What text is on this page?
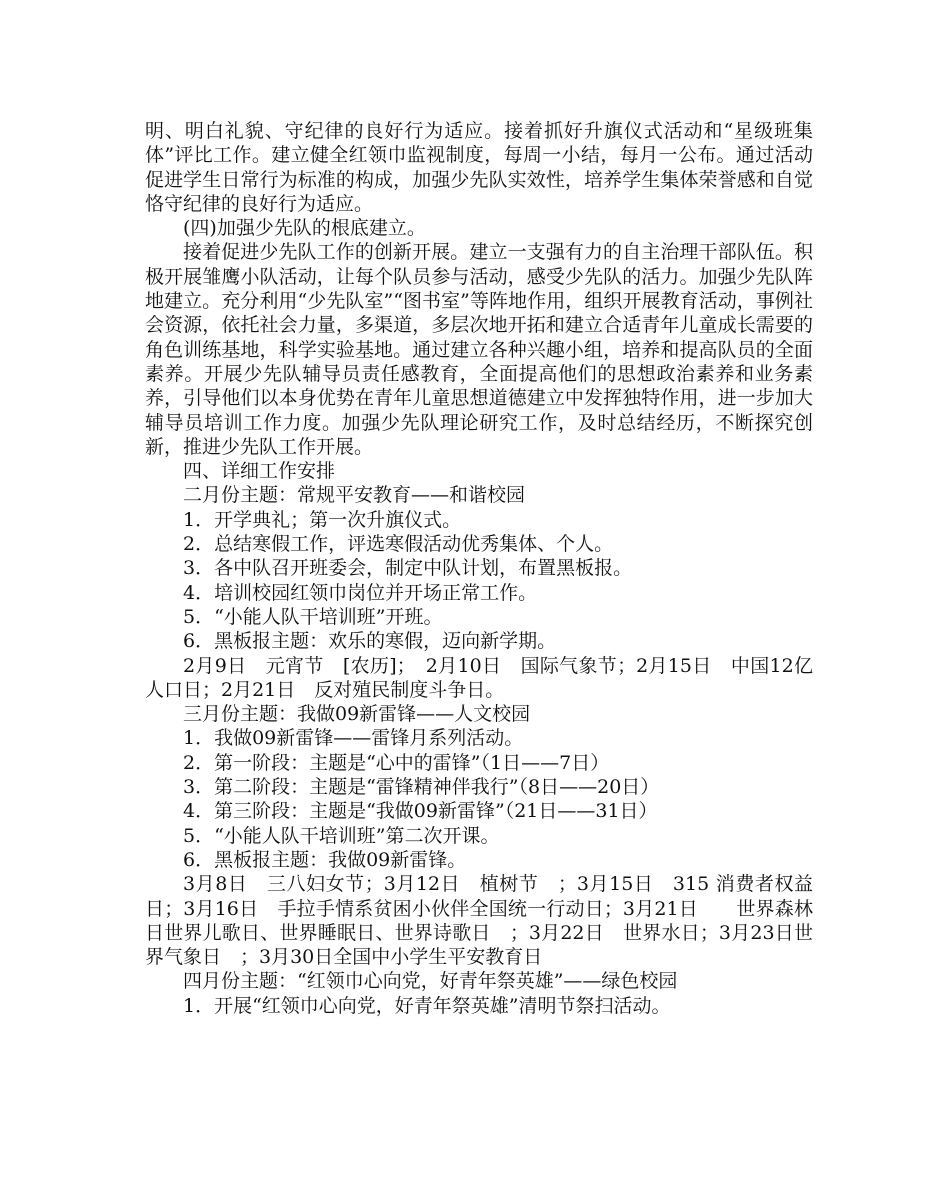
明、明白礼貌、守纪律的良好行为适应。接着抓好升旗仪式活动和“星级班集体”评比工作。建立健全红领巾监视制度，每周一小结，每月一公布。通过活动促进学生日常行为标准的构成，加强少先队实效性，培养学生集体荣誉感和自觉恪守纪律的良好行为适应。

(四)加强少先队的根底建立。

接着促进少先队工作的创新开展。建立一支强有力的自主治理干部队伍。积极开展雏鹰小队活动，让每个队员参与活动，感受少先队的活力。加强少先队阵地建立。充分利用“少先队室”“图书室”等阵地作用，组织开展教育活动，事例社会资源，依托社会力量，多渠道，多层次地开拓和建立合适青年儿童成长需要的角色训练基地，科学实验基地。通过建立各种兴趣小组，培养和提高队员的全面素养。开展少先队辅导员责任感教育，全面提高他们的思想政治素养和业务素养，引导他们以本身优势在青年儿童思想道德建立中发挥独特作用，进一步加大辅导员培训工作力度。加强少先队理论研究工作，及时总结经历，不断探究创新，推进少先队工作开展。

四、详细工作安排

二月份主题：常规平安教育——和谐校园

1．开学典礼；第一次升旗仪式。

2．总结寒假工作，评选寒假活动优秀集体、个人。

3．各中队召开班委会，制定中队计划，布置黑板报。

4．培训校园红领巾岗位并开场正常工作。

5．“小能人队干培训班”开班。

6．黑板报主题：欢乐的寒假，迈向新学期。

2月9日　元宵节　[农历]；　2月10日　国际气象节；2月15日　中国12亿人口日；2月21日　反对殖民制度斗争日。

三月份主题：我做09新雷锋——人文校园

1．我做09新雷锋——雷锋月系列活动。

2．第一阶段：主题是“心中的雷锋”（1日——7日）

3．第二阶段：主题是“雷锋精神伴我行”（8日——20日）

4．第三阶段：主题是“我做09新雷锋”（21日——31日）

5．“小能人队干培训班”第二次开课。

6．黑板报主题：我做09新雷锋。

3月8日　三八妇女节；3月12日　植树节　；3月15日　315 消费者权益日；3月16日　手拉手情系贫困小伙伴全国统一行动日；3月21日　　世界森林日世界儿歌日、世界睡眠日、世界诗歌日　；3月22日　世界水日；3月23日世界气象日　；3月30日全国中小学生平安教育日

四月份主题：“红领巾心向党，好青年祭英雄”——绿色校园

1．开展“红领巾心向党，好青年祭英雄”清明节祭扫活动。
